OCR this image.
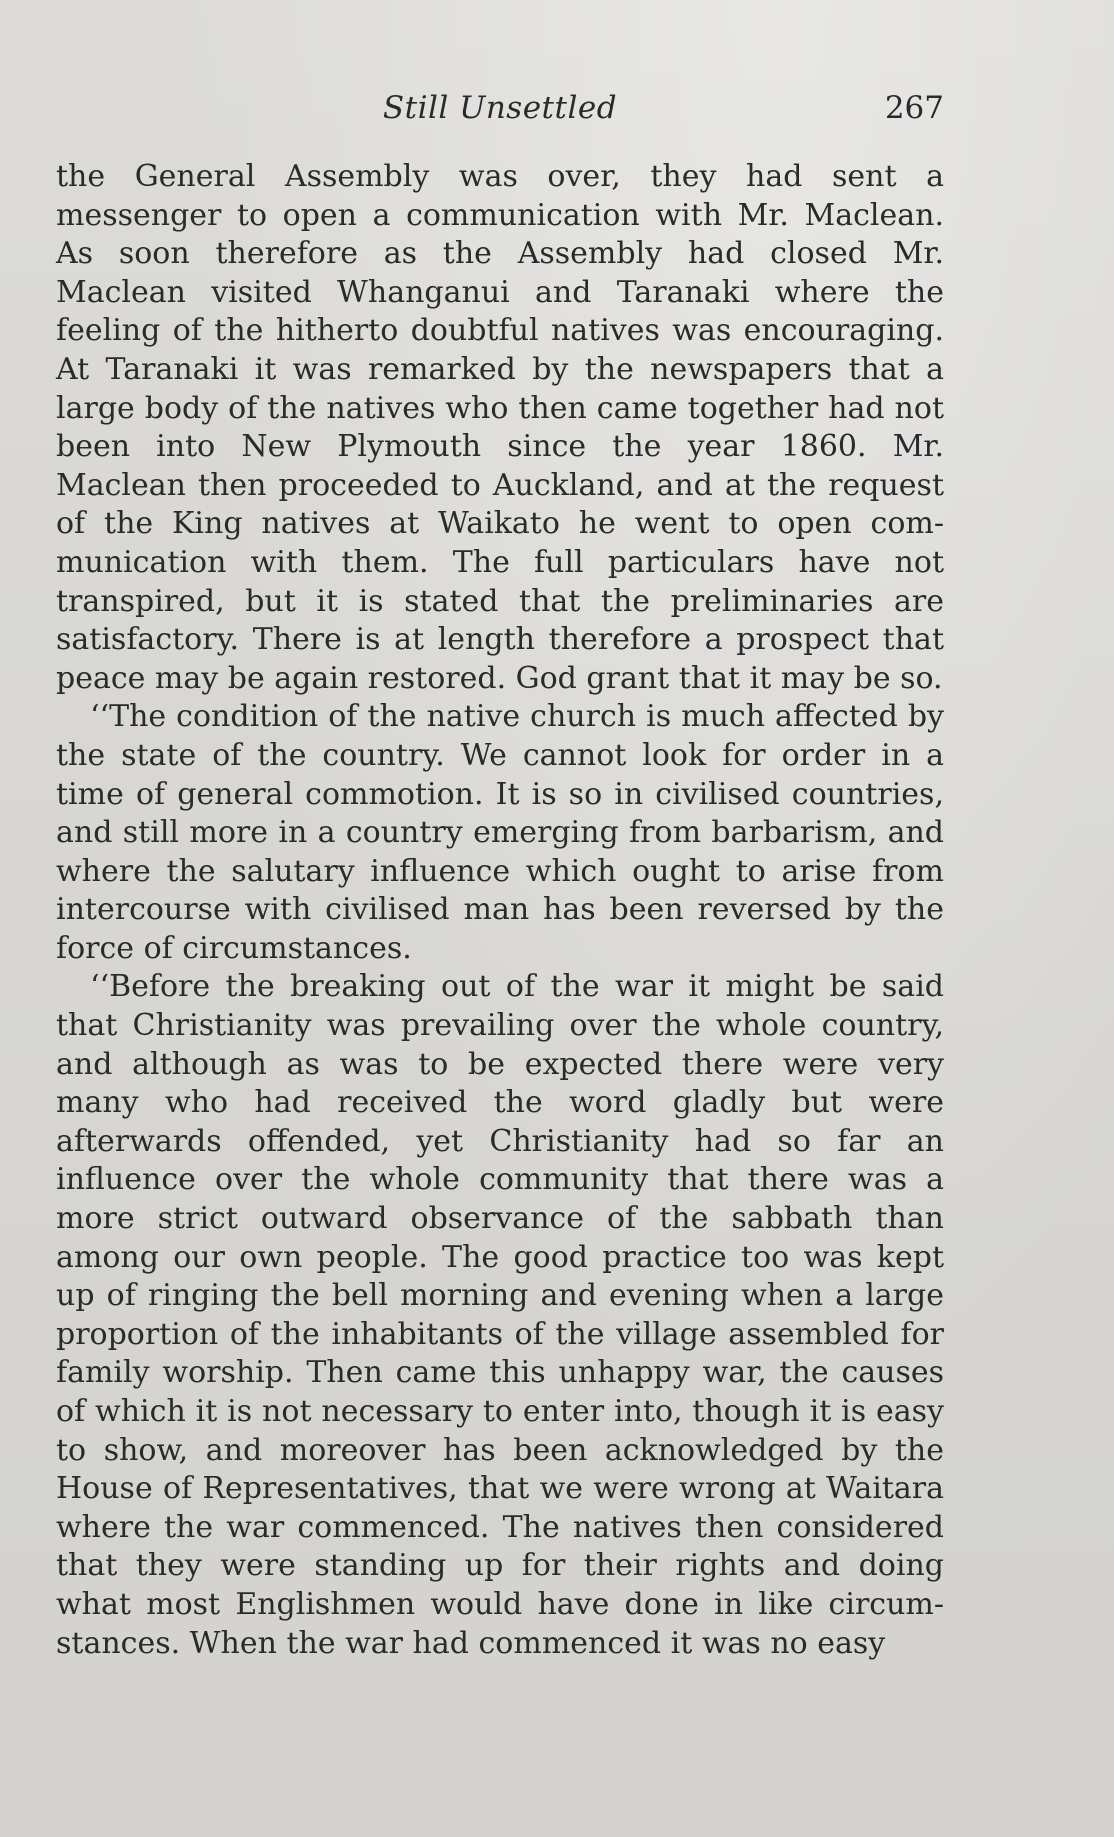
Still Unsettled	267

the General Assembly was over, they had sent a messenger to open a communication with Mr. Maclean. As soon therefore as the Assembly had closed Mr. Maclean visited Whanganui and Taranaki where the feeling of the hitherto doubtful natives was encouraging. At Taranaki it was remarked by the newspapers that a large body of the natives who then came together had not been into New Plymouth since the year 1860. Mr. Maclean then proceeded to Auckland, and at the request of the King natives at Waikato he went to open communication with them. The full particulars have not transpired, but it is stated that the preliminaries are satisfactory. There is at length therefore a prospect that peace may be again restored. God grant that it may be so.

‘‘The condition of the native church is much affected by the state of the country. We cannot look for order in a time of general commotion. It is so in civilised countries, and still more in a country emerging from barbarism, and where the salutary influence which ought to arise from intercourse with civilised man has been reversed by the force of circumstances.

‘‘Before the breaking out of the war it might be said that Christianity was prevailing over the whole country, and although as was to be expected there were very many who had received the word gladly but were afterwards offended, yet Christianity had so far an influence over the whole community that there was a more strict outward observance of the sabbath than among our own people. The good practice too was kept up of ringing the bell morning and evening when a large proportion of the inhabitants of the village assembled for family worship. Then came this unhappy war, the causes of which it is not necessary to enter into, though it is easy to show, and moreover has been acknowledged by the House of Representatives, that we were wrong at Waitara where the war commenced. The natives then considered that they were standing up for their rights and doing what most Englishmen would have done in like circumstances. When the war had commenced it was no easy
